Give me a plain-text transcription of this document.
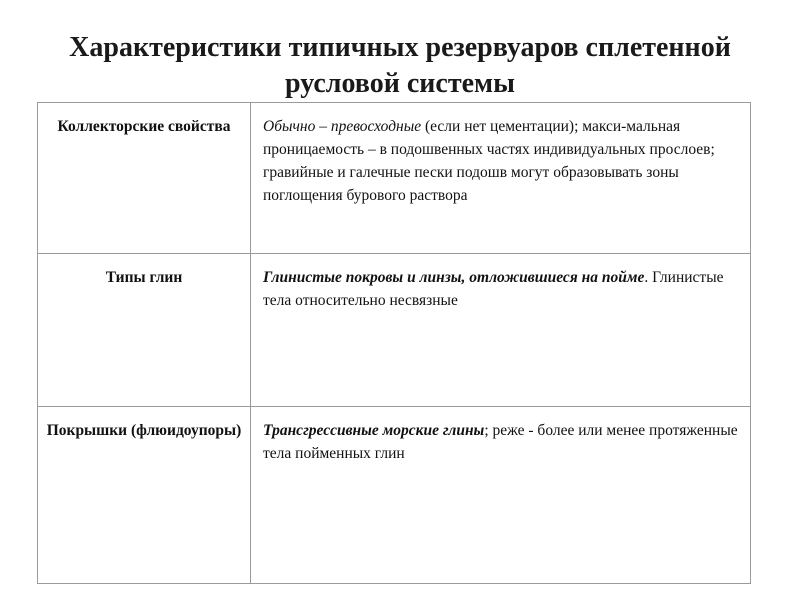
Характеристики типичных резервуаров сплетенной
русловой системы
Коллекторские свойства	Обычно – превосходные (если нет цементации); макси-мальная проницаемость – в подошвенных частях индивидуальных прослоев; гравийные и галечные пески подошв могут образовывать зоны поглощения бурового раствора
Типы глин	Глинистые покровы и линзы, отложившиеся на пойме. Глинистые тела относительно несвязные
Покрышки (флюидоупоры)	Трансгрессивные морские глины; реже - более или менее протяженные тела пойменных глин
